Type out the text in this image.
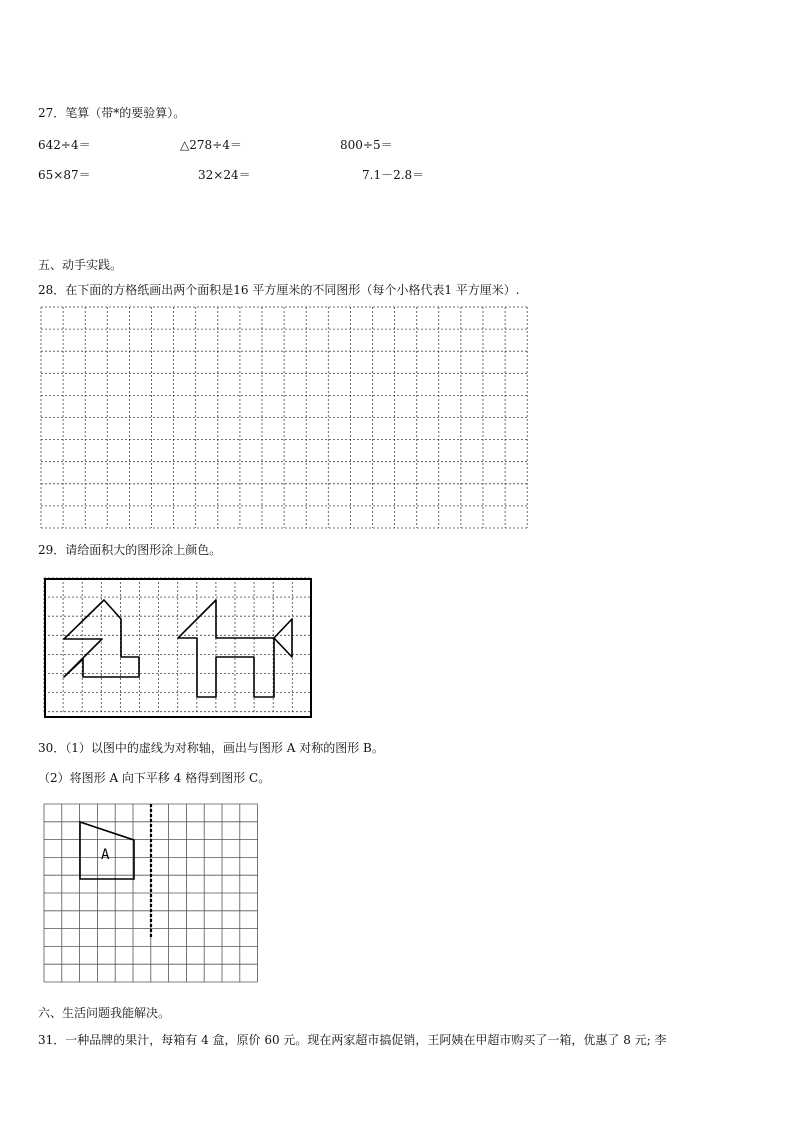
27．笔算（带*的要验算）。
642÷4＝	△278÷4＝	800÷5＝
65×87＝	32×24＝	7.1－2.8＝
五、动手实践。
28．在下面的方格纸画出两个面积是16 平方厘米的不同图形（每个小格代表1 平方厘米）.
29．请给面积大的图形涂上颜色。
30．（1）以图中的虚线为对称轴，画出与图形 A 对称的图形 B。
（2）将图形 A 向下平移 4 格得到图形 C。
A
六、生活问题我能解决。
31．一种品牌的果汁，每箱有 4 盒，原价 60 元。现在两家超市搞促销，王阿姨在甲超市购买了一箱，优惠了 8 元; 李
